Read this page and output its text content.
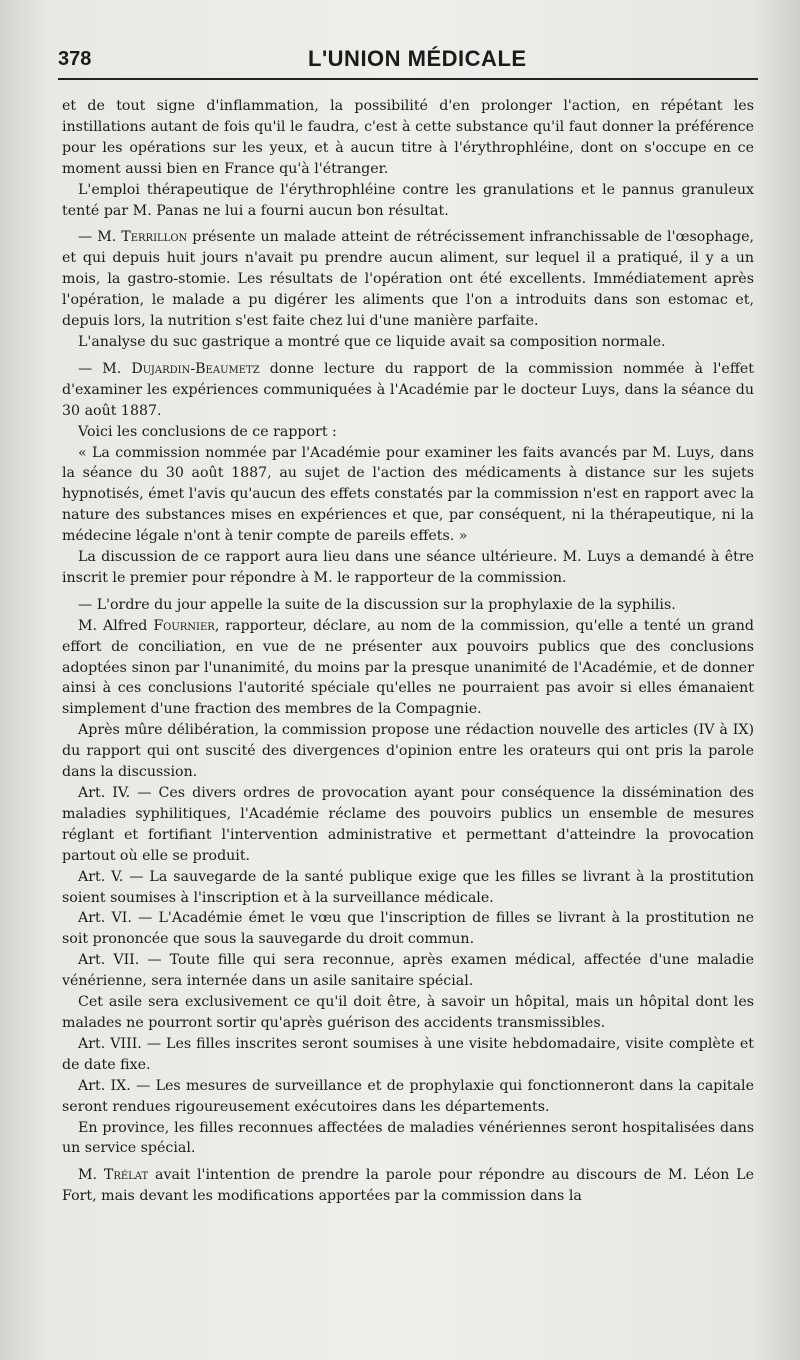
378	L'UNION MÉDICALE

et de tout signe d'inflammation, la possibilité d'en prolonger l'action, en répétant les instillations autant de fois qu'il le faudra, c'est à cette substance qu'il faut donner la préférence pour les opérations sur les yeux, et à aucun titre à l'érythrophléine, dont on s'occupe en ce moment aussi bien en France qu'à l'étranger.

L'emploi thérapeutique de l'érythrophléine contre les granulations et le pannus granuleux tenté par M. Panas ne lui a fourni aucun bon résultat.

— M. Terrillon présente un malade atteint de rétrécissement infranchissable de l'œsophage, et qui depuis huit jours n'avait pu prendre aucun aliment, sur lequel il a pratiqué, il y a un mois, la gastro-stomie. Les résultats de l'opération ont été excellents. Immédiatement après l'opération, le malade a pu digérer les aliments que l'on a introduits dans son estomac et, depuis lors, la nutrition s'est faite chez lui d'une manière parfaite.

L'analyse du suc gastrique a montré que ce liquide avait sa composition normale.

— M. Dujardin-Beaumetz donne lecture du rapport de la commission nommée à l'effet d'examiner les expériences communiquées à l'Académie par le docteur Luys, dans la séance du 30 août 1887.

Voici les conclusions de ce rapport :

« La commission nommée par l'Académie pour examiner les faits avancés par M. Luys, dans la séance du 30 août 1887, au sujet de l'action des médicaments à distance sur les sujets hypnotisés, émet l'avis qu'aucun des effets constatés par la commission n'est en rapport avec la nature des substances mises en expériences et que, par conséquent, ni la thérapeutique, ni la médecine légale n'ont à tenir compte de pareils effets. »

La discussion de ce rapport aura lieu dans une séance ultérieure. M. Luys a demandé à être inscrit le premier pour répondre à M. le rapporteur de la commission.

— L'ordre du jour appelle la suite de la discussion sur la prophylaxie de la syphilis.

M. Alfred Fournier, rapporteur, déclare, au nom de la commission, qu'elle a tenté un grand effort de conciliation, en vue de ne présenter aux pouvoirs publics que des conclusions adoptées sinon par l'unanimité, du moins par la presque unanimité de l'Académie, et de donner ainsi à ces conclusions l'autorité spéciale qu'elles ne pourraient pas avoir si elles émanaient simplement d'une fraction des membres de la Compagnie.

Après mûre délibération, la commission propose une rédaction nouvelle des articles (IV à IX) du rapport qui ont suscité des divergences d'opinion entre les orateurs qui ont pris la parole dans la discussion.

Art. IV. — Ces divers ordres de provocation ayant pour conséquence la dissémination des maladies syphilitiques, l'Académie réclame des pouvoirs publics un ensemble de mesures réglant et fortifiant l'intervention administrative et permettant d'atteindre la provocation partout où elle se produit.

Art. V. — La sauvegarde de la santé publique exige que les filles se livrant à la prostitution soient soumises à l'inscription et à la surveillance médicale.

Art. VI. — L'Académie émet le vœu que l'inscription de filles se livrant à la prostitution ne soit prononcée que sous la sauvegarde du droit commun.

Art. VII. — Toute fille qui sera reconnue, après examen médical, affectée d'une maladie vénérienne, sera internée dans un asile sanitaire spécial.

Cet asile sera exclusivement ce qu'il doit être, à savoir un hôpital, mais un hôpital dont les malades ne pourront sortir qu'après guérison des accidents transmissibles.

Art. VIII. — Les filles inscrites seront soumises à une visite hebdomadaire, visite complète et de date fixe.

Art. IX. — Les mesures de surveillance et de prophylaxie qui fonctionneront dans la capitale seront rendues rigoureusement exécutoires dans les départements.

En province, les filles reconnues affectées de maladies vénériennes seront hospitalisées dans un service spécial.

M. Trélat avait l'intention de prendre la parole pour répondre au discours de M. Léon Le Fort, mais devant les modifications apportées par la commission dans la
